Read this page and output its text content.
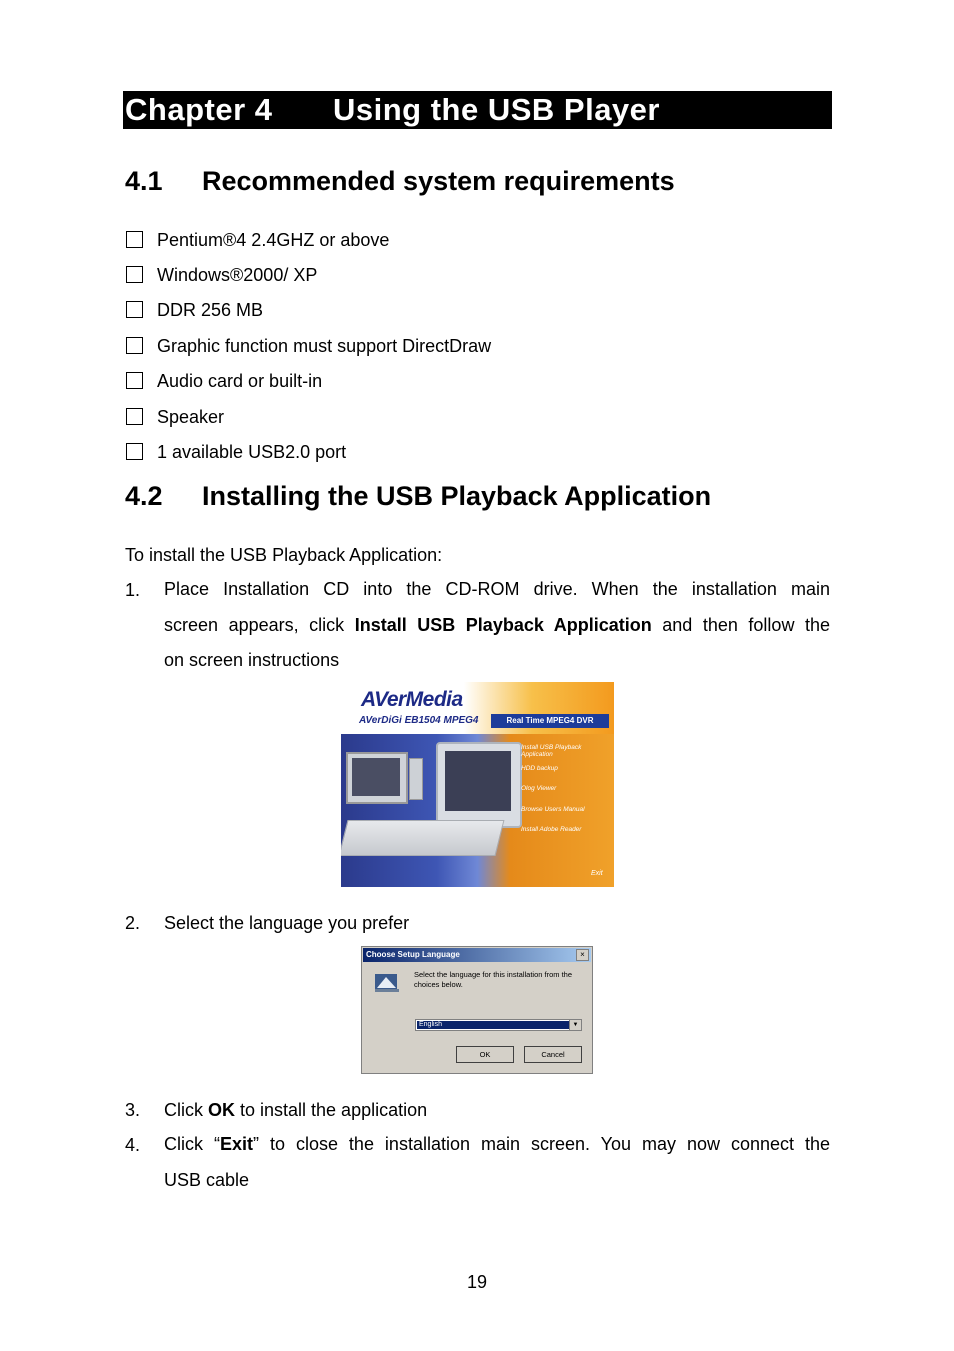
Chapter 4 Using the USB Player
4.1 Recommended system requirements
Pentium®4 2.4GHZ or above
Windows®2000/ XP
DDR 256 MB
Graphic function must support DirectDraw
Audio card or built-in
Speaker
1 available USB2.0 port
4.2 Installing the USB Playback Application
To install the USB Playback Application:
1. Place Installation CD into the CD-ROM drive. When the installation main
screen appears, click Install USB Playback Application and then follow the
on screen instructions
AVerMedia
AVerDiGi EB1504 MPEG4	Real Time MPEG4 DVR
Install USB Playback Application
HDD backup
Olog Viewer
Browse Users Manual
Install Adobe Reader
Exit
2. Select the language you prefer
Choose Setup Language	×
Select the language for this installation from the choices below.
English	▼
OK	Cancel
3. Click OK to install the application
4. Click “Exit” to close the installation main screen. You may now connect the
USB cable
19
